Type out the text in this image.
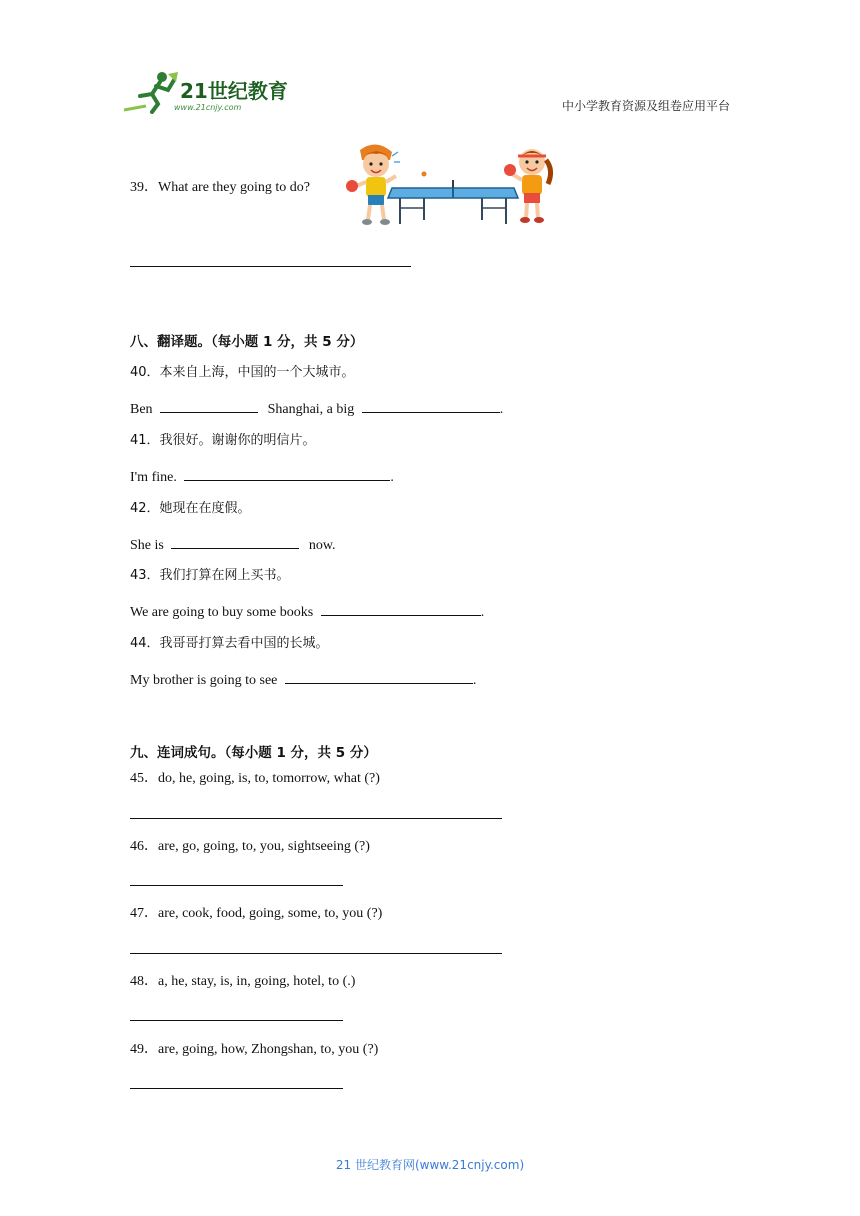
21世纪教育
www.21cnjy.com	中小学教育资源及组卷应用平台
39．What are they going to do?
八、翻译题。（每小题 1 分，共 5 分）
40．本来自上海，中国的一个大城市。
Ben	Shanghai, a big	.
41．我很好。谢谢你的明信片。
I'm fine.	.
42．她现在在度假。
She is	now.
43．我们打算在网上买书。
We are going to buy some books	.
44．我哥哥打算去看中国的长城。
My brother is going to see	.
九、连词成句。（每小题 1 分，共 5 分）
45．do, he, going, is, to, tomorrow, what (?)
46．are, go, going, to, you, sightseeing (?)
47．are, cook, food, going, some, to, you (?)
48．a, he, stay, is, in, going, hotel, to (.)
49．are, going, how, Zhongshan, to, you (?)
21 世纪教育网(www.21cnjy.com)
